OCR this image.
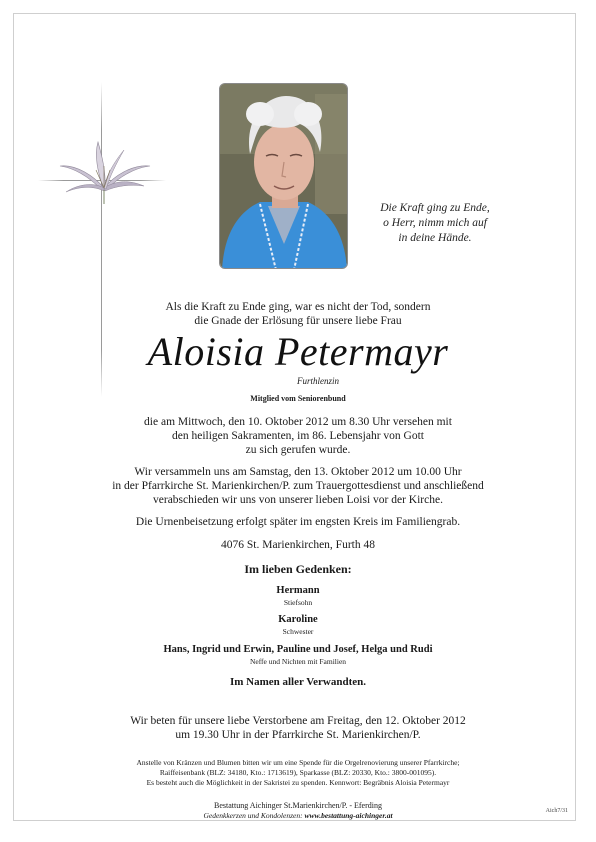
Die Kraft ging zu Ende,
o Herr, nimm mich auf
in deine Hände.
Als die Kraft zu Ende ging, war es nicht der Tod, sondern
die Gnade der Erlösung für unsere liebe Frau
Aloisia Petermayr
Furthlenzin
Mitglied vom Seniorenbund
die am Mittwoch, den 10. Oktober 2012 um 8.30 Uhr versehen mit
den heiligen Sakramenten, im 86. Lebensjahr von Gott
zu sich gerufen wurde.
Wir versammeln uns am Samstag, den 13. Oktober 2012 um 10.00 Uhr
in der Pfarrkirche St. Marienkirchen/P. zum Trauergottesdienst und anschließend
verabschieden wir uns von unserer lieben Loisi vor der Kirche.
Die Urnenbeisetzung erfolgt später im engsten Kreis im Familiengrab.
4076 St. Marienkirchen, Furth 48
Im lieben Gedenken:
Hermann
Stiefsohn
Karoline
Schwester
Hans, Ingrid und Erwin, Pauline und Josef, Helga und Rudi
Neffe und Nichten mit Familien
Im Namen aller Verwandten.
Wir beten für unsere liebe Verstorbene am Freitag, den 12. Oktober 2012
um 19.30 Uhr in der Pfarrkirche St. Marienkirchen/P.
Anstelle von Kränzen und Blumen bitten wir um eine Spende für die Orgelrenovierung unserer Pfarrkirche;
Raiffeisenbank (BLZ: 34180, Kto.: 1713619), Sparkasse (BLZ: 20330, Kto.: 3800-001095).
Es besteht auch die Möglichkeit in der Sakristei zu spenden. Kennwort: Begräbnis Aloisia Petermayr
Bestattung Aichinger St.Marienkirchen/P. - Eferding
Gedenkkerzen und Kondolenzen: www.bestattung-aichinger.at	Aich7/31
